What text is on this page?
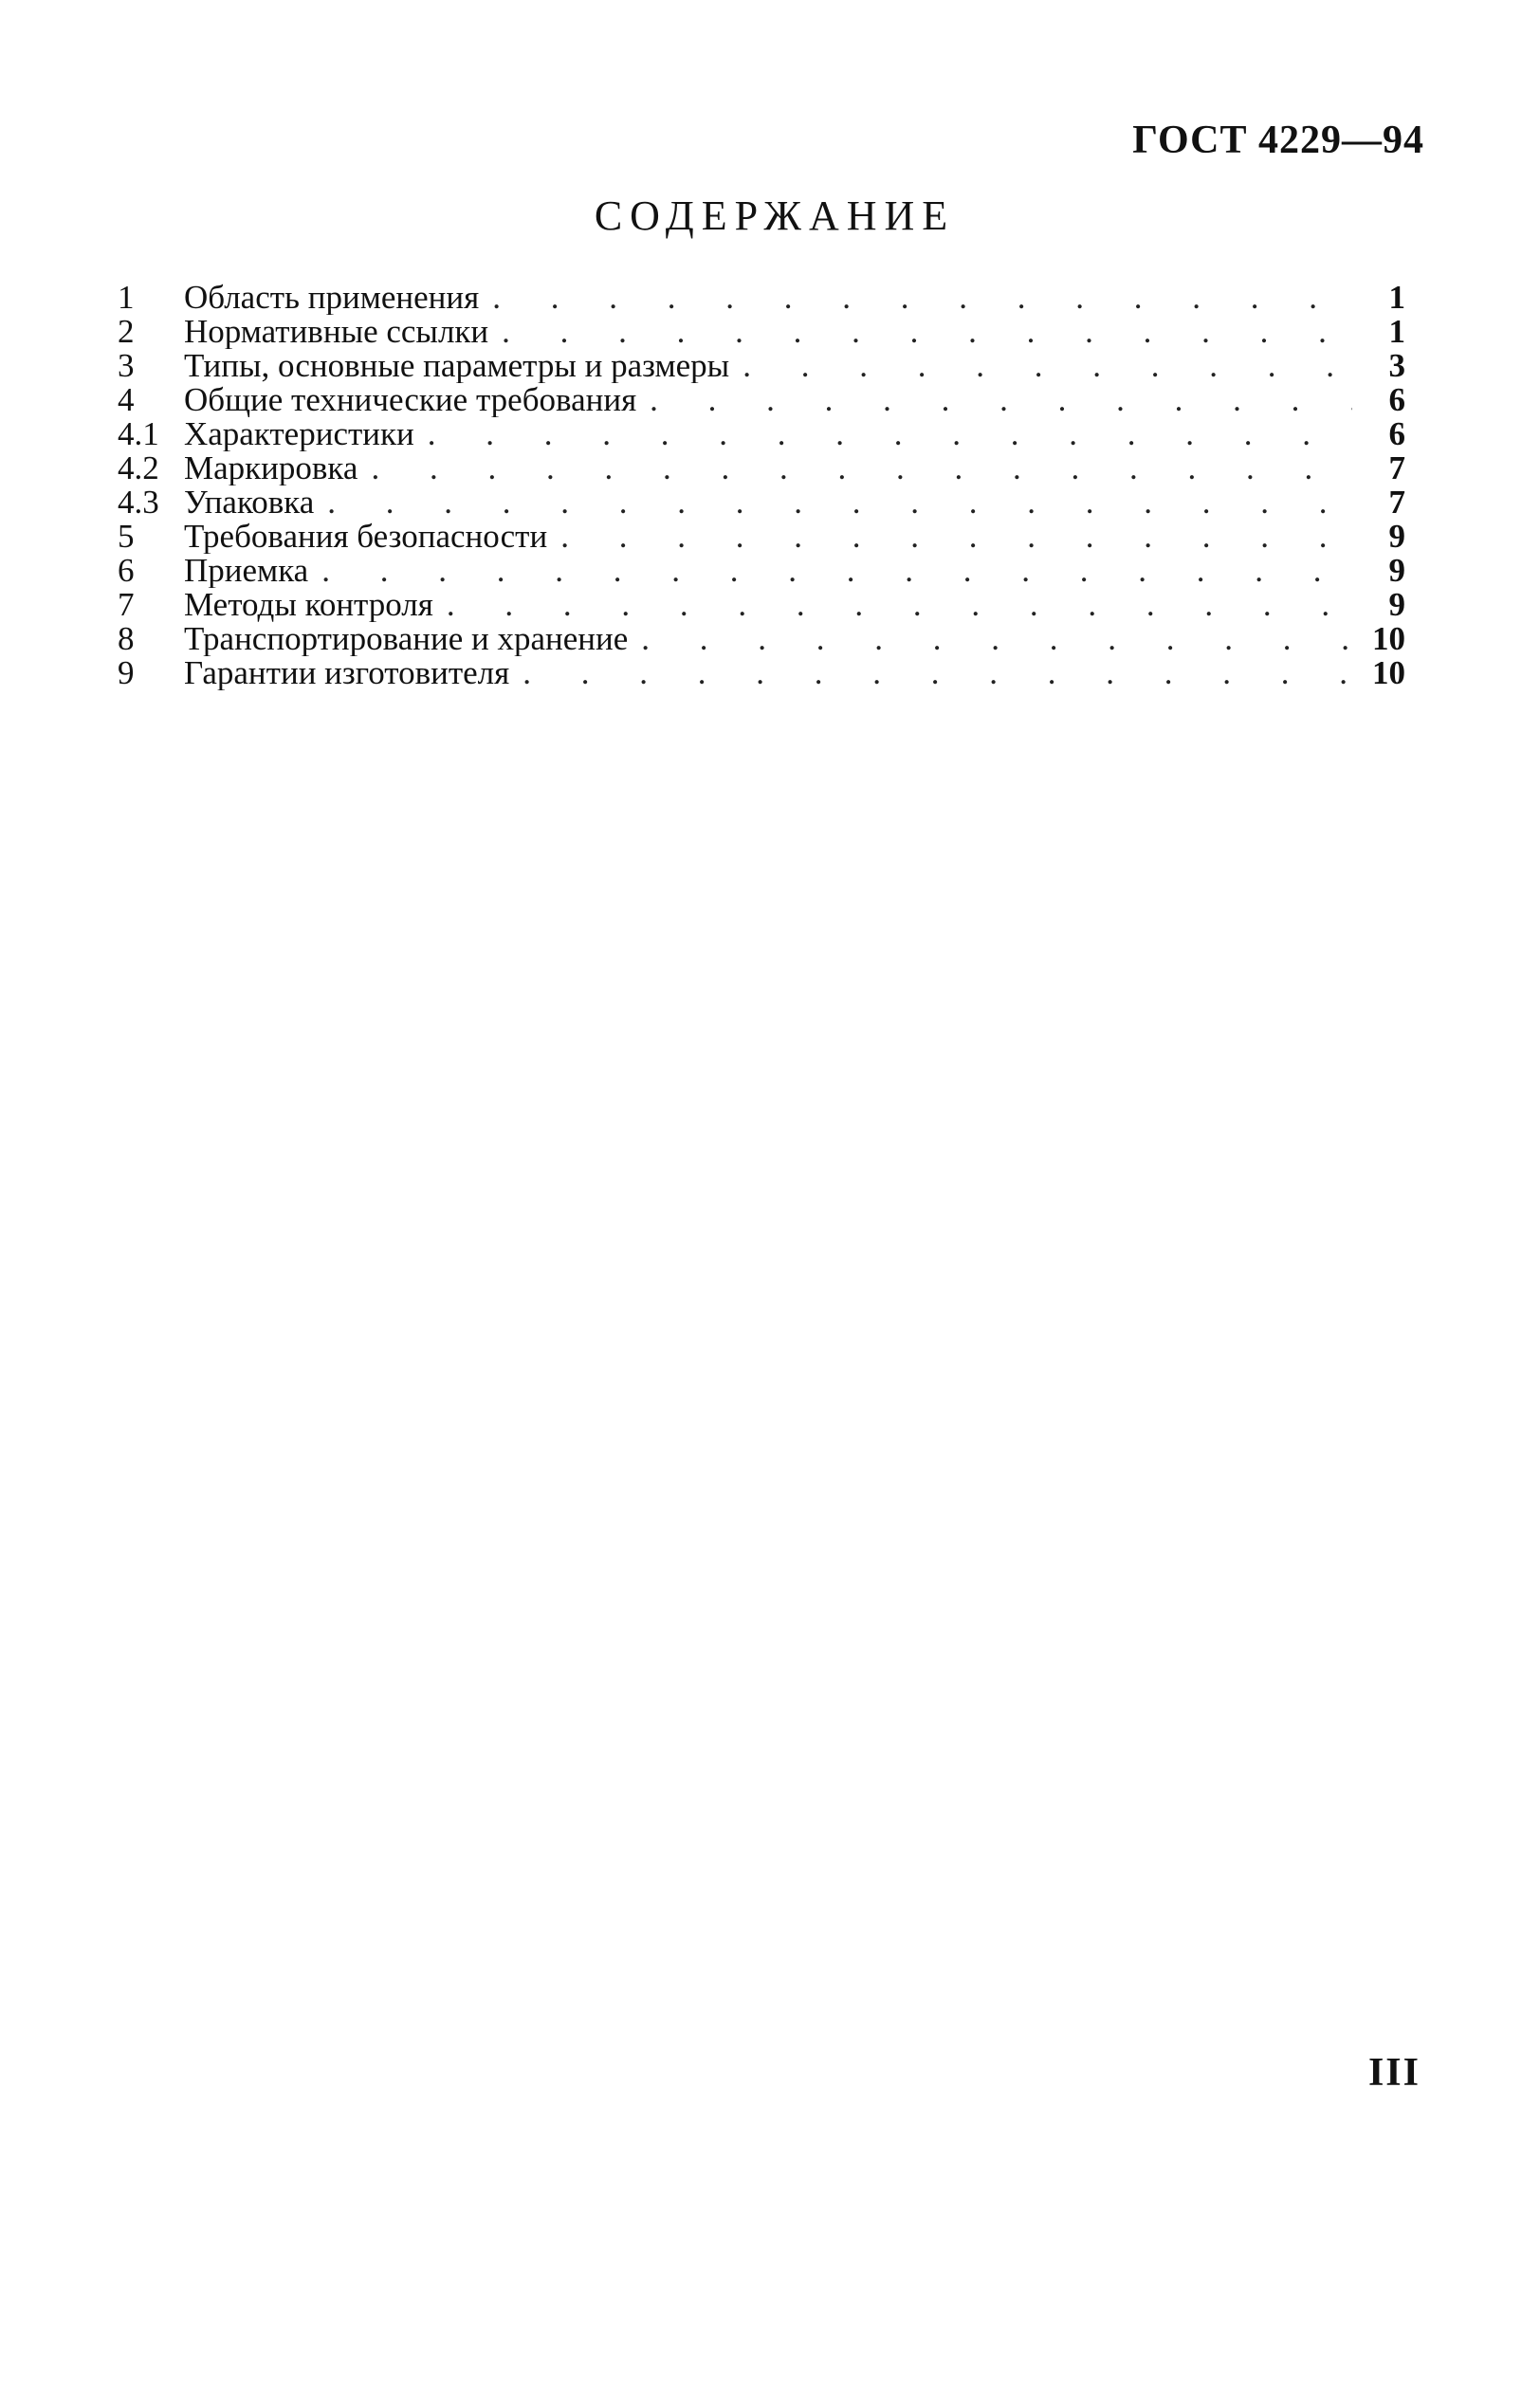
ГОСТ 4229—94
СОДЕРЖАНИЕ
1	Область применения . . .	1
2	Нормативные ссылки . . .	1
3	Типы, основные параметры и размеры . . .	3
4	Общие технические требования . . .	6
4.1 Характеристики . . .	6
4.2 Маркировка . . .	7
4.3 Упаковка . . .	7
5	Требования безопасности . . .	9
6	Приемка . . .	9
7	Методы контроля . . .	9
8	Транспортирование и хранение . . .	10
9	Гарантии изготовителя . . .	10
III
